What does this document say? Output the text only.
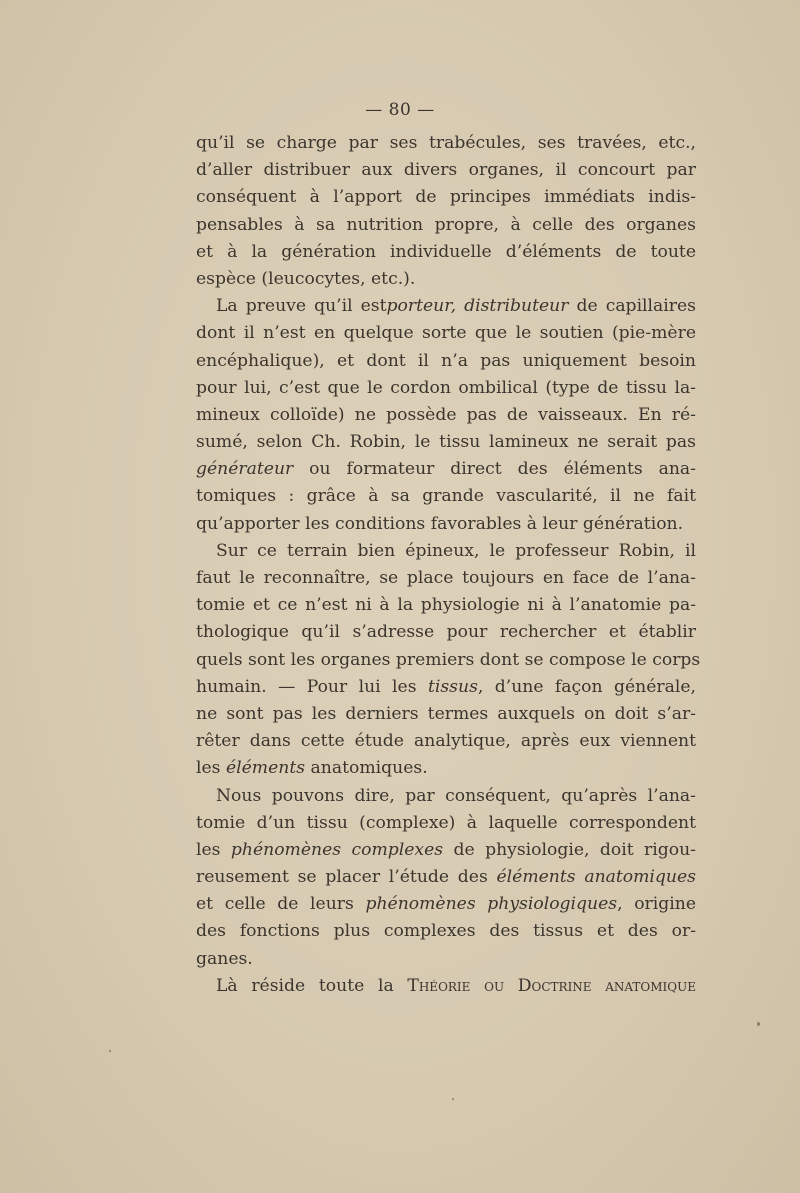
— 80 —
qu’il se charge par ses trabécules, ses travées, etc.,
d’aller distribuer aux divers organes, il concourt par
conséquent à l’apport de principes immédiats indis-
pensables à sa nutrition propre, à celle des organes
et à la génération individuelle d’éléments de toute
espèce (leucocytes, etc.).
La preuve qu’il estporteur, distributeur de capillaires
dont il n’est en quelque sorte que le soutien (pie-mère
encéphalique), et dont il n’a pas uniquement besoin
pour lui, c’est que le cordon ombilical (type de tissu la-
mineux colloïde) ne possède pas de vaisseaux. En ré-
sumé, selon Ch. Robin, le tissu lamineux ne serait pas
générateur ou formateur direct des éléments ana-
tomiques : grâce à sa grande vascularité, il ne fait
qu’apporter les conditions favorables à leur génération.
Sur ce terrain bien épineux, le professeur Robin, il
faut le reconnaître, se place toujours en face de l’ana-
tomie et ce n’est ni à la physiologie ni à l’anatomie pa-
thologique qu’il s’adresse pour rechercher et établir
quels sont les organes premiers dont se compose le corps
humain. — Pour lui les tissus, d’une façon générale,
ne sont pas les derniers termes auxquels on doit s’ar-
rêter dans cette étude analytique, après eux viennent
les éléments anatomiques.
Nous pouvons dire, par conséquent, qu’après l’ana-
tomie d’un tissu (complexe) à laquelle correspondent
les phénomènes complexes de physiologie, doit rigou-
reusement se placer l’étude des éléments anatomiques
et celle de leurs phénomènes physiologiques, origine
des fonctions plus complexes des tissus et des or-
ganes.
Là réside toute la Théorie ou Doctrine anatomique
